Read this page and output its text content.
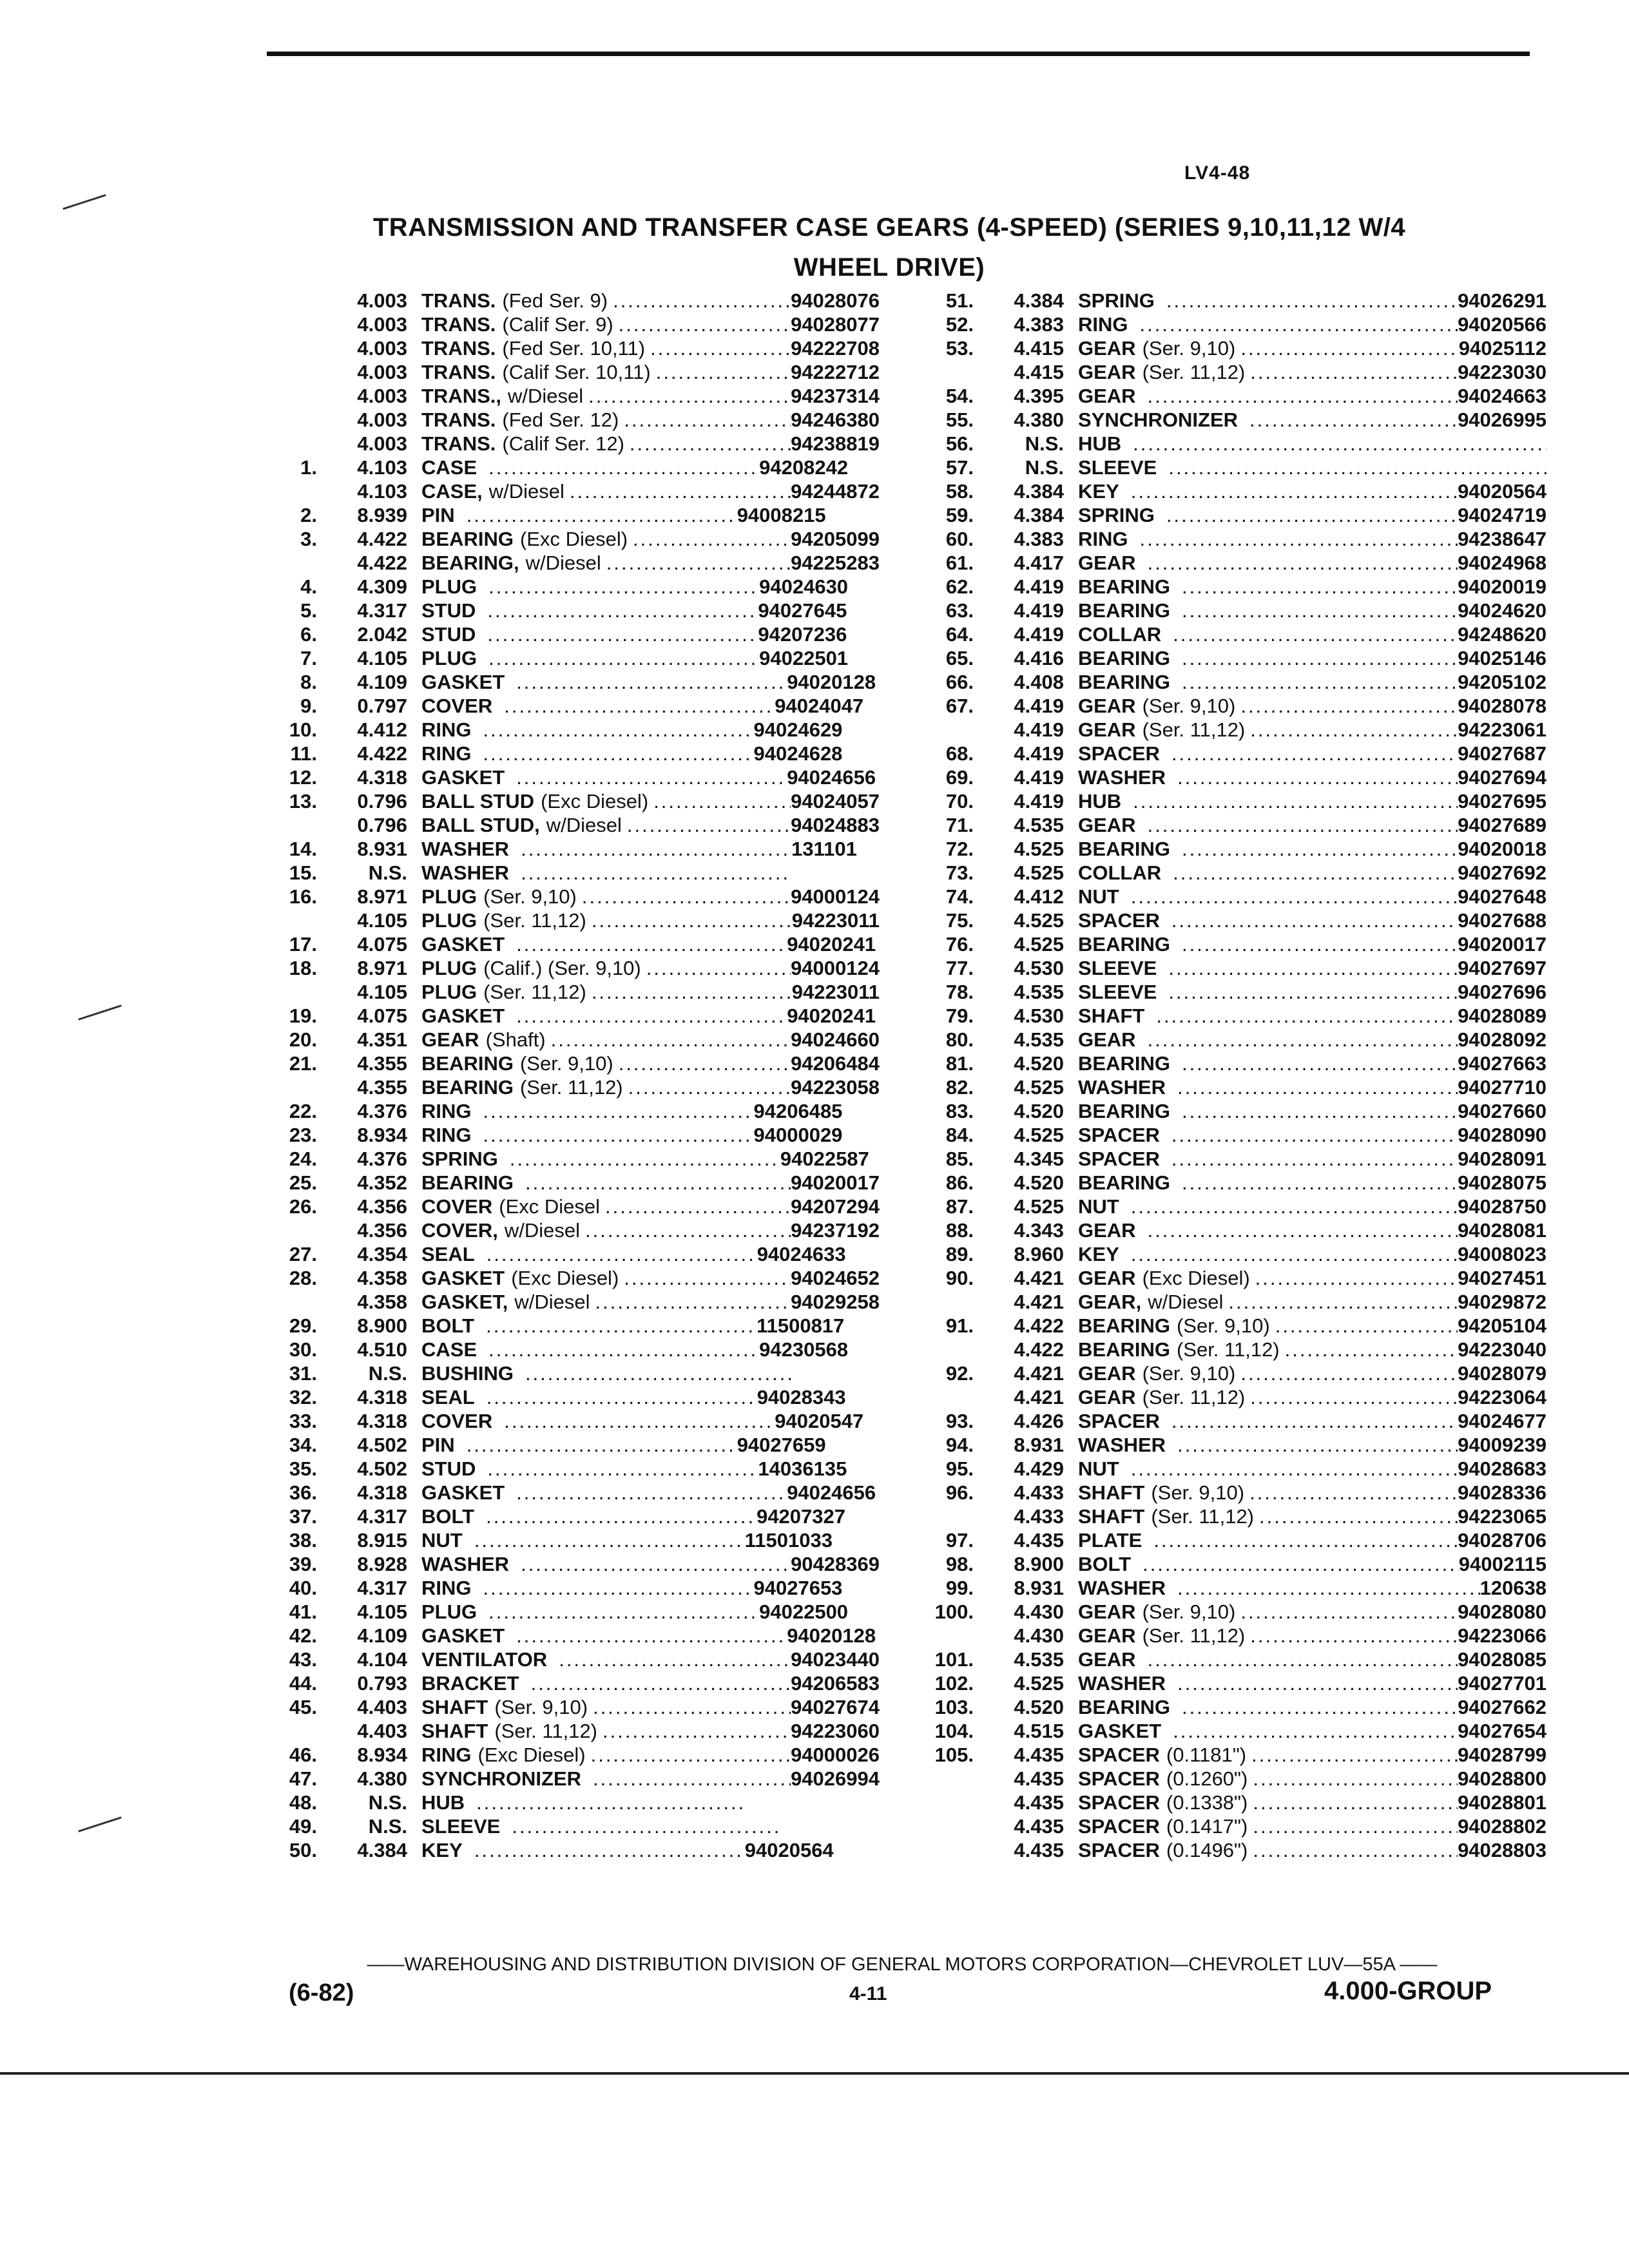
LV4-48
TRANSMISSION AND TRANSFER CASE GEARS (4-SPEED) (SERIES 9,10,11,12 W/4
WHEEL DRIVE)
4.003 TRANS. (Fed Ser. 9) .....	94028076
4.003 TRANS. (Calif Ser. 9) .....	94028077
4.003 TRANS. (Fed Ser. 10,11) .....	94222708
4.003 TRANS. (Calif Ser. 10,11) .....	94222712
4.003 TRANS., w/Diesel .....	94237314
4.003 TRANS. (Fed Ser. 12) .....	94246380
4.003 TRANS. (Calif Ser. 12) .....	94238819
1.	4.103 CASE .....	94208242
4.103 CASE, w/Diesel .....	94244872
2.	8.939 PIN .....	94008215
3.	4.422 BEARING (Exc Diesel) .....	94205099
4.422 BEARING, w/Diesel .....	94225283
4.	4.309 PLUG .....	94024630
5.	4.317 STUD .....	94027645
6.	2.042 STUD .....	94207236
7.	4.105 PLUG .....	94022501
8.	4.109 GASKET .....	94020128
9.	0.797 COVER .....	94024047
10.	4.412 RING .....	94024629
11.	4.422 RING .....	94024628
12.	4.318 GASKET .....	94024656
13.	0.796 BALL STUD (Exc Diesel) .....	94024057
0.796 BALL STUD, w/Diesel .....	94024883
14.	8.931 WASHER .....	131101
15.	N.S. WASHER
.....
16.	8.971 PLUG (Ser. 9,10) .....	94000124
4.105 PLUG (Ser. 11,12) .....	94223011
17.	4.075 GASKET .....	94020241
18.	8.971 PLUG (Calif.) (Ser. 9,10) .....	94000124
4.105 PLUG (Ser. 11,12) .....	94223011
19.	4.075 GASKET .....	94020241
20.	4.351 GEAR (Shaft) .....	94024660
21.	4.355 BEARING (Ser. 9,10) .....	94206484
4.355 BEARING (Ser. 11,12) .....	94223058
22.	4.376 RING .....	94206485
23.	8.934 RING .....	94000029
24.	4.376 SPRING .....	94022587
25.	4.352 BEARING .....	94020017
26.	4.356 COVER (Exc Diesel .....	94207294
4.356 COVER, w/Diesel .....	94237192
27.	4.354 SEAL .....	94024633
28.	4.358 GASKET (Exc Diesel) .....	94024652
4.358 GASKET, w/Diesel .....	94029258
29.	8.900 BOLT .....	11500817
30.	4.510 CASE .....	94230568
31.	N.S. BUSHING
.....
32.	4.318 SEAL .....	94028343
33.	4.318 COVER .....	94020547
34.	4.502 PIN .....	94027659
35.	4.502 STUD .....	14036135
36.	4.318 GASKET .....	94024656
37.	4.317 BOLT .....	94207327
38.	8.915 NUT .....	11501033
39.	8.928 WASHER .....	90428369
40.	4.317 RING .....	94027653
41.	4.105 PLUG .....	94022500
42.	4.109 GASKET .....	94020128
43.	4.104 VENTILATOR .....	94023440
44.	0.793 BRACKET .....	94206583
45.	4.403 SHAFT (Ser. 9,10) .....	94027674
4.403 SHAFT (Ser. 11,12) .....	94223060
46.	8.934 RING (Exc Diesel) .....	94000026
47.	4.380 SYNCHRONIZER .....	94026994
48.	N.S. HUB
.....
49.	N.S. SLEEVE
.....
50.	4.384 KEY .....	94020564
51.	4.384 SPRING .....	94026291
52.	4.383 RING .....	94020566
53.	4.415 GEAR (Ser. 9,10) .....	94025112
4.415 GEAR (Ser. 11,12) .....	94223030
54.	4.395 GEAR .....	94024663
55.	4.380 SYNCHRONIZER .....	94026995
56.	N.S. HUB
.....
57.	N.S. SLEEVE
.....
58.	4.384 KEY .....	94020564
59.	4.384 SPRING .....	94024719
60.	4.383 RING .....	94238647
61.	4.417 GEAR .....	94024968
62.	4.419 BEARING .....	94020019
63.	4.419 BEARING .....	94024620
64.	4.419 COLLAR .....	94248620
65.	4.416 BEARING .....	94025146
66.	4.408 BEARING .....	94205102
67.	4.419 GEAR (Ser. 9,10) .....	94028078
4.419 GEAR (Ser. 11,12) .....	94223061
68.	4.419 SPACER .....	94027687
69.	4.419 WASHER .....	94027694
70.	4.419 HUB .....	94027695
71.	4.535 GEAR .....	94027689
72.	4.525 BEARING .....	94020018
73.	4.525 COLLAR .....	94027692
74.	4.412 NUT .....	94027648
75.	4.525 SPACER .....	94027688
76.	4.525 BEARING .....	94020017
77.	4.530 SLEEVE .....	94027697
78.	4.535 SLEEVE .....	94027696
79.	4.530 SHAFT .....	94028089
80.	4.535 GEAR .....	94028092
81.	4.520 BEARING .....	94027663
82.	4.525 WASHER .....	94027710
83.	4.520 BEARING .....	94027660
84.	4.525 SPACER .....	94028090
85.	4.345 SPACER .....	94028091
86.	4.520 BEARING .....	94028075
87.	4.525 NUT .....	94028750
88.	4.343 GEAR .....	94028081
89.	8.960 KEY .....	94008023
90.	4.421 GEAR (Exc Diesel) .....	94027451
4.421 GEAR, w/Diesel .....	94029872
91.	4.422 BEARING (Ser. 9,10) .....	94205104
4.422 BEARING (Ser. 11,12) .....	94223040
92.	4.421 GEAR (Ser. 9,10) .....	94028079
4.421 GEAR (Ser. 11,12) .....	94223064
93.	4.426 SPACER .....	94024677
94.	8.931 WASHER .....	94009239
95.	4.429 NUT .....	94028683
96.	4.433 SHAFT (Ser. 9,10) .....	94028336
4.433 SHAFT (Ser. 11,12) .....	94223065
97.	4.435 PLATE .....	94028706
98.	8.900 BOLT .....	94002115
99.	8.931 WASHER .....	120638
100.	4.430 GEAR (Ser. 9,10) .....	94028080
4.430 GEAR (Ser. 11,12) .....	94223066
101.	4.535 GEAR .....	94028085
102.	4.525 WASHER .....	94027701
103.	4.520 BEARING .....	94027662
104.	4.515 GASKET .....	94027654
105.	4.435 SPACER (0.1181") .....	94028799
4.435 SPACER (0.1260") .....	94028800
4.435 SPACER (0.1338") .....	94028801
4.435 SPACER (0.1417") .....	94028802
4.435 SPACER (0.1496") .....	94028803
——WAREHOUSING AND DISTRIBUTION DIVISION OF GENERAL MOTORS CORPORATION—CHEVROLET LUV—55A ——
(6-82)	4-11	4.000-GROUP
